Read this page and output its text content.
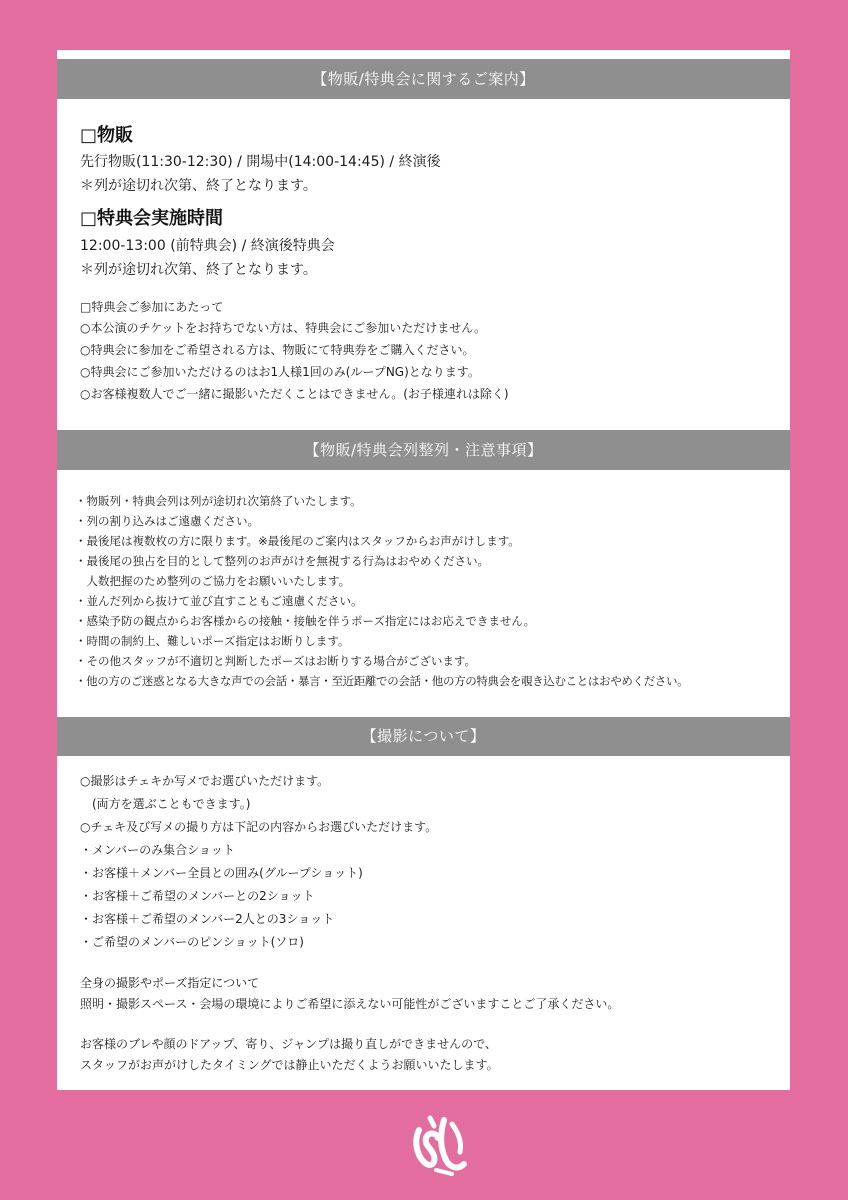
【物販/特典会に関するご案内】
□物販
先行物販(11:30-12:30) / 開場中(14:00-14:45) / 終演後
＊列が途切れ次第、終了となります。
□特典会実施時間
12:00-13:00 (前特典会) / 終演後特典会
＊列が途切れ次第、終了となります。
□特典会ご参加にあたって
○本公演のチケットをお持ちでない方は、特典会にご参加いただけません。
○特典会に参加をご希望される方は、物販にて特典券をご購入ください。
○特典会にご参加いただけるのはお1人様1回のみ(ループNG)となります。
○お客様複数人でご一緒に撮影いただくことはできません。(お子様連れは除く)
【物販/特典会列整列・注意事項】
・物販列・特典会列は列が途切れ次第終了いたします。
・列の割り込みはご遠慮ください。
・最後尾は複数枚の方に限ります。※最後尾のご案内はスタッフからお声がけします。
・最後尾の独占を目的として整列のお声がけを無視する行為はおやめください。
　人数把握のため整列のご協力をお願いいたします。
・並んだ列から抜けて並び直すこともご遠慮ください。
・感染予防の観点からお客様からの接触・接触を伴うポーズ指定にはお応えできません。
・時間の制約上、難しいポーズ指定はお断りします。
・その他スタッフが不適切と判断したポーズはお断りする場合がございます。
・他の方のご迷惑となる大きな声での会話・暴言・至近距離での会話・他の方の特典会を覗き込むことはおやめください。
【撮影について】
○撮影はチェキか写メでお選びいただけます。
　(両方を選ぶこともできます。)
○チェキ及び写メの撮り方は下記の内容からお選びいただけます。
・メンバーのみ集合ショット
・お客様＋メンバー全員との囲み(グループショット)
・お客様＋ご希望のメンバーとの2ショット
・お客様＋ご希望のメンバー2人との3ショット
・ご希望のメンバーのピンショット(ソロ)
全身の撮影やポーズ指定について
照明・撮影スペース・会場の環境によりご希望に添えない可能性がございますことご了承ください。
お客様のブレや顔のドアップ、寄り、ジャンプは撮り直しができませんので、
スタッフがお声がけしたタイミングでは静止いただくようお願いいたします。
